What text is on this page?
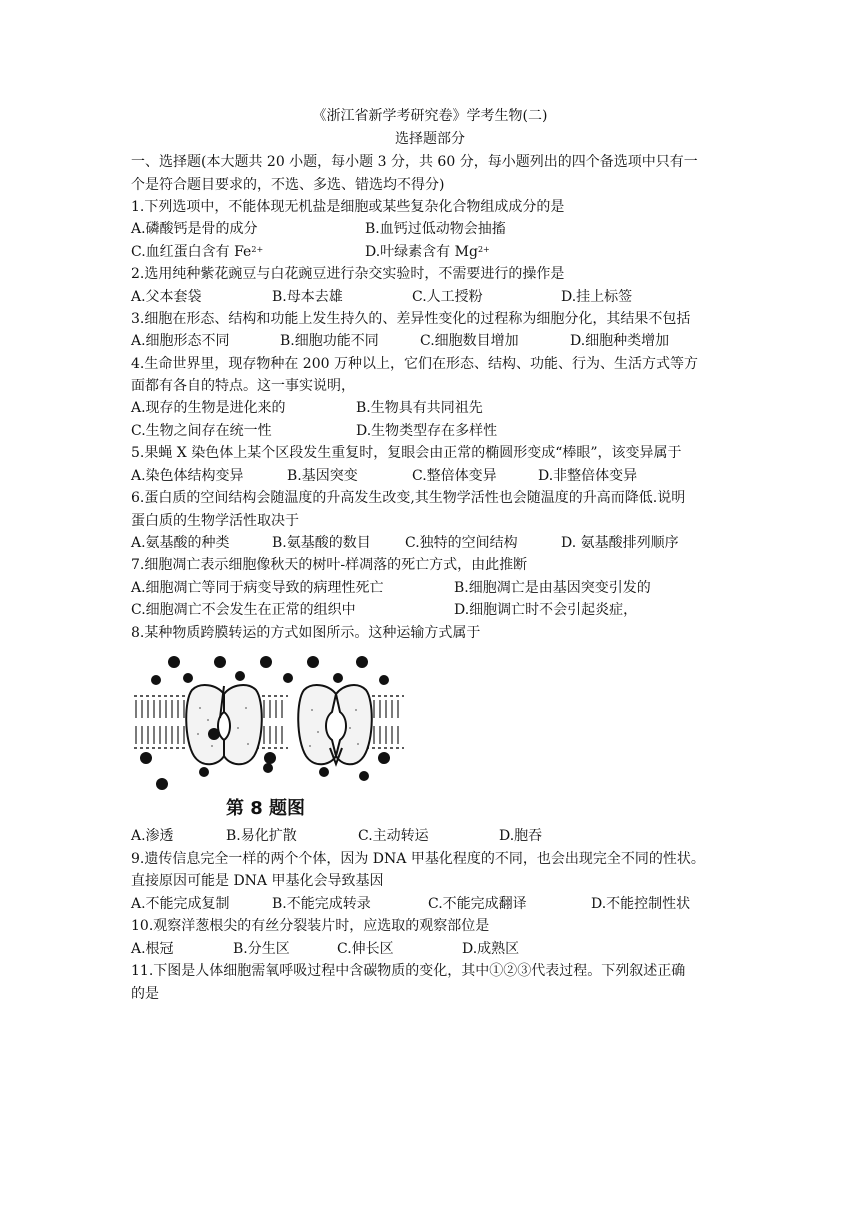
《浙江省新学考研究卷》学考生物(二)
选择题部分
一、选择题(本大题共 20 小题，每小题 3 分，共 60 分，每小题列出的四个备选项中只有一
个是符合题目要求的，不选、多选、错选均不得分)
1.下列选项中，不能体现无机盐是细胞或某些复杂化合物组成成分的是
A.磷酸钙是骨的成分	B.血钙过低动物会抽搐
C.血红蛋白含有 $Fe^{2+}$	D.叶绿素含有 $Mg^{2+}$
2.选用纯种紫花豌豆与白花豌豆进行杂交实验时，不需要进行的操作是
A.父本套袋	B.母本去雄	C.人工授粉	D.挂上标签
3.细胞在形态、结构和功能上发生持久的、差异性变化的过程称为细胞分化，其结果不包括
A.细胞形态不同	B.细胞功能不同	C.细胞数目增加	D.细胞种类增加
4.生命世界里，现存物种在 200 万种以上，它们在形态、结构、功能、行为、生活方式等方
面都有各自的特点。这一事实说明，
A.现存的生物是进化来的	B.生物具有共同祖先
C.生物之间存在统一性	D.生物类型存在多样性
5.果蝇 X 染色体上某个区段发生重复时，复眼会由正常的椭圆形变成“棒眼”，该变异属于
A.染色体结构变异	B.基因突变	C.整倍体变异	D.非整倍体变异
6.蛋白质的空间结构会随温度的升高发生改变,其生物学活性也会随温度的升高而降低.说明
蛋白质的生物学活性取决于
A.氨基酸的种类	B.氨基酸的数目 C.独特的空间结构	D. 氨基酸排列顺序
7.细胞凋亡表示细胞像秋天的树叶-样凋落的死亡方式，由此推断
A.细胞凋亡等同于病变导致的病理性死亡	B.细胞凋亡是由基因突变引发的
C.细胞凋亡不会发生在正常的组织中	D.细胞调亡时不会引起炎症，
8.某种物质跨膜转运的方式如图所示。这种运输方式属于
第 8 题图
A.渗透	B.易化扩散	C.主动转运	D.胞吞
9.遗传信息完全一样的两个个体，因为 DNA 甲基化程度的不同，也会出现完全不同的性状。
直接原因可能是 DNA 甲基化会导致基因
A.不能完成复制	B.不能完成转录	C.不能完成翻译	D.不能控制性状
10.观察洋葱根尖的有丝分裂装片时，应选取的观察部位是
A.根冠	B.分生区	C.伸长区	D.成熟区
11.下图是人体细胞需氧呼吸过程中含碳物质的变化，其中①②③代表过程。下列叙述正确
的是
